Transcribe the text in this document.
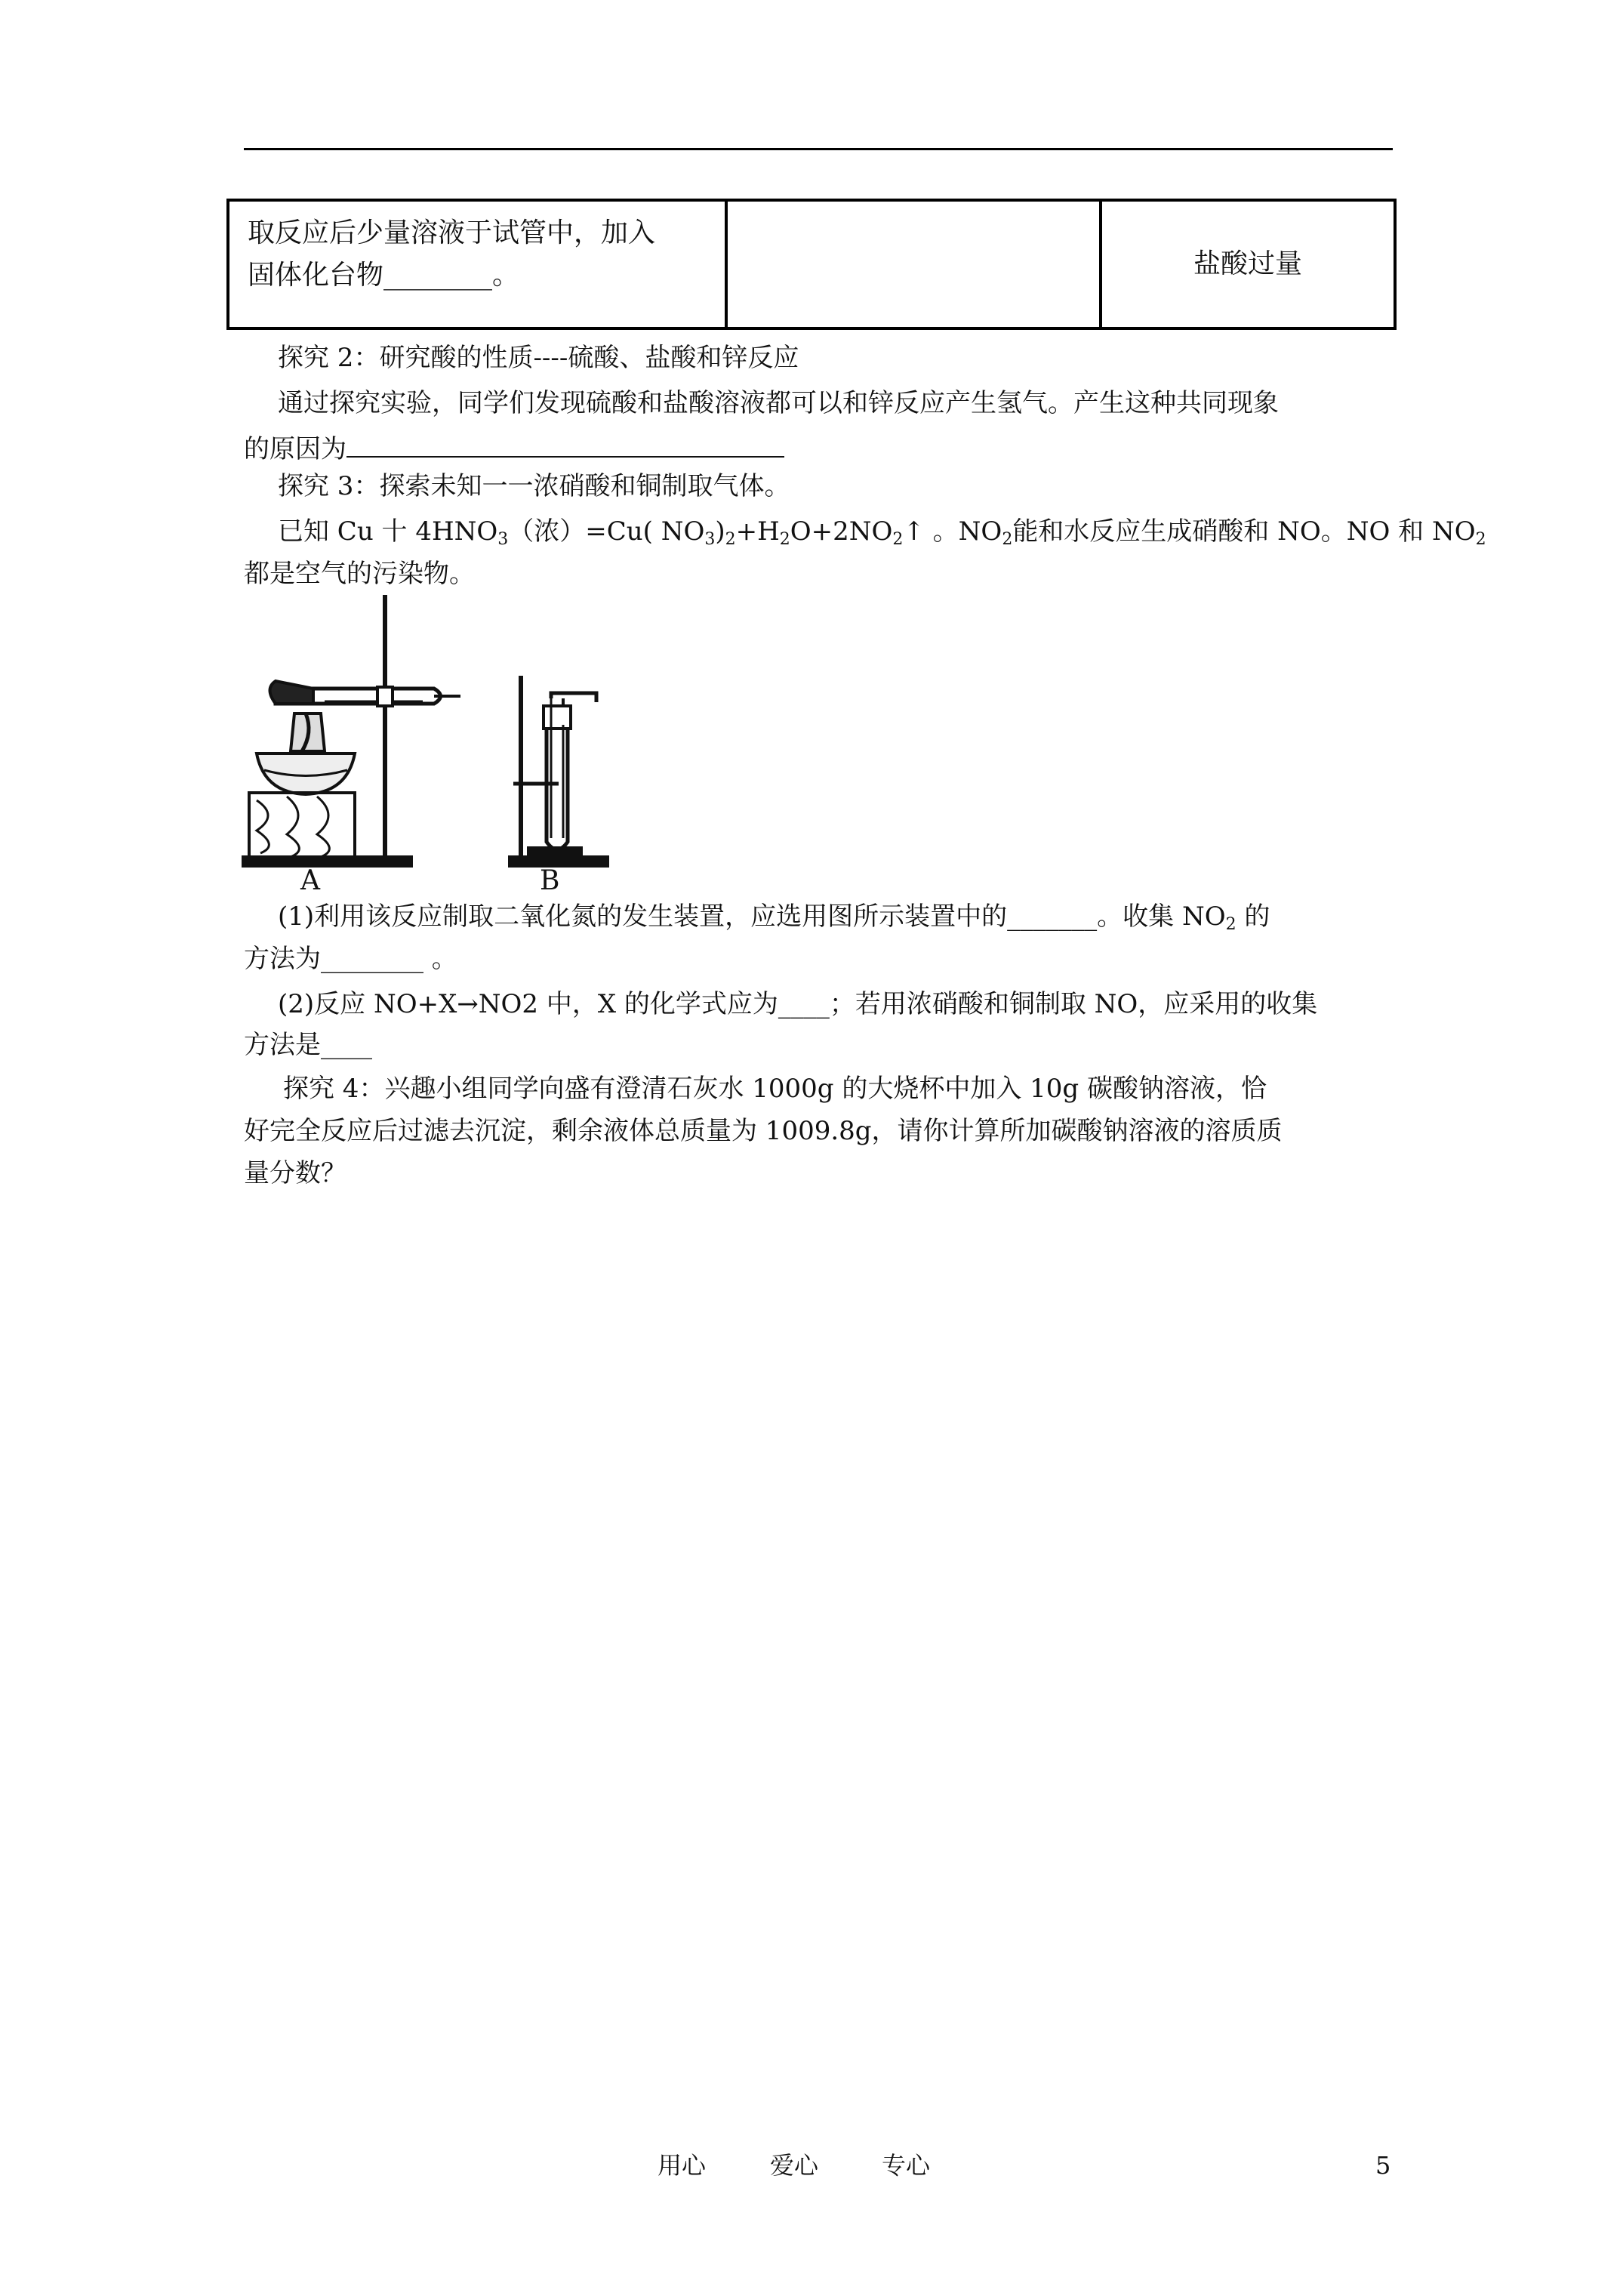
取反应后少量溶液于试管中，加入
固体化台物________。		盐酸过量
探究 2：研究酸的性质----硫酸、盐酸和锌反应
通过探究实验，同学们发现硫酸和盐酸溶液都可以和锌反应产生氢气。产生这种共同现象
的原因为
探究 3：探索未知一一浓硝酸和铜制取气体。
已知 Cu 十 $4HNO_3$（浓）=Cu( $NO_3)_2+H_2O+2NO_2↑$ 。$NO_2$能和水反应生成硝酸和 NO。NO 和 $NO_2$
都是空气的污染物。
A	B
(1)利用该反应制取二氧化氮的发生装置，应选用图所示装置中的_______。收集 $NO_2$ 的
方法为________ 。
(2)反应 NO+X→NO2 中，X 的化学式应为____；若用浓硝酸和铜制取 NO，应采用的收集
方法是____
探究 4：兴趣小组同学向盛有澄清石灰水 1000g 的大烧杯中加入 10g 碳酸钠溶液，恰
好完全反应后过滤去沉淀，剩余液体总质量为 1009.8g，请你计算所加碳酸钠溶液的溶质质
量分数？
用心	爱心	专心	5
